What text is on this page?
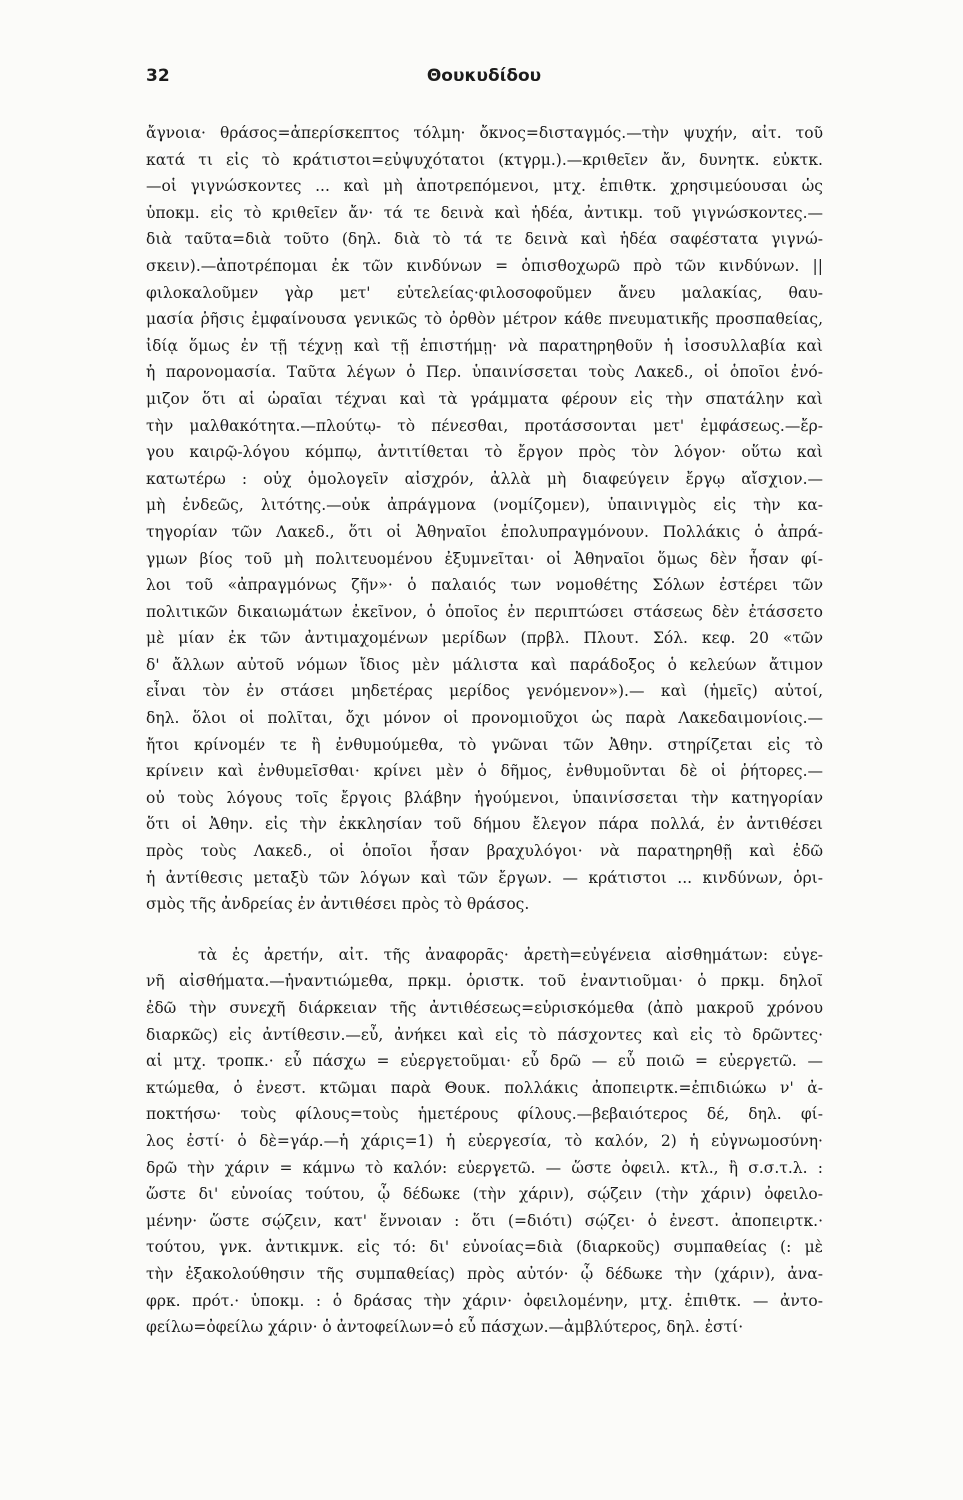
32	Θουκυδίδου
ἄγνοια· θράσος=ἀπερίσκεπτος τόλμη· ὄκνος=δισταγμός.—τὴν ψυχήν, αἰτ. τοῦ
κατά τι εἰς τὸ κράτιστοι=εὐψυχότατοι (κτγρμ.).—κριθεῖεν ἄν, δυνητκ. εὐκτκ.
—οἱ γιγνώσκοντες ... καὶ μὴ ἀποτρεπόμενοι, μτχ. ἐπιθτκ. χρησιμεύουσαι ὡς
ὑποκμ. εἰς τὸ κριθεῖεν ἄν· τά τε δεινὰ καὶ ἡδέα, ἀντικμ. τοῦ γιγνώσκοντες.—
διὰ ταῦτα=διὰ τοῦτο (δηλ. διὰ τὸ τά τε δεινὰ καὶ ἡδέα σαφέστατα γιγνώ-
σκειν).—ἀποτρέπομαι ἐκ τῶν κινδύνων = ὀπισθοχωρῶ πρὸ τῶν κινδύνων. ||
φιλοκαλοῦμεν γὰρ μετ' εὐτελείας·φιλοσοφοῦμεν ἄνευ μαλακίας, θαυ-
μασία ῥῆσις ἐμφαίνουσα γενικῶς τὸ ὀρθὸν μέτρον κάθε πνευματικῆς προσπαθείας,
ἰδίᾳ ὅμως ἐν τῇ τέχνῃ καὶ τῇ ἐπιστήμῃ· νὰ παρατηρηθοῦν ἡ ἰσοσυλλαβία καὶ
ἡ παρονομασία. Ταῦτα λέγων ὁ Περ. ὑπαινίσσεται τοὺς Λακεδ., οἱ ὁποῖοι ἐνό-
μιζον ὅτι αἱ ὡραῖαι τέχναι καὶ τὰ γράμματα φέρουν εἰς τὴν σπατάλην καὶ
τὴν μαλθακότητα.—πλούτῳ- τὸ πένεσθαι, προτάσσονται μετ' ἐμφάσεως.—ἔρ-
γου καιρῷ-λόγου κόμπῳ, ἀντιτίθεται τὸ ἔργον πρὸς τὸν λόγον· οὕτω καὶ
κατωτέρω : οὐχ ὁμολογεῖν αἰσχρόν, ἀλλὰ μὴ διαφεύγειν ἔργῳ αἴσχιον.—
μὴ ἐνδεῶς, λιτότης.—οὐκ ἀπράγμονα (νομίζομεν), ὑπαινιγμὸς εἰς τὴν κα-
τηγορίαν τῶν Λακεδ., ὅτι οἱ Ἀθηναῖοι ἐπολυπραγμόνουν. Πολλάκις ὁ ἀπρά-
γμων βίος τοῦ μὴ πολιτευομένου ἐξυμνεῖται· οἱ Ἀθηναῖοι ὅμως δὲν ἦσαν φί-
λοι τοῦ «ἀπραγμόνως ζῆν»· ὁ παλαιός των νομοθέτης Σόλων ἐστέρει τῶν
πολιτικῶν δικαιωμάτων ἐκεῖνον, ὁ ὁποῖος ἐν περιπτώσει στάσεως δὲν ἐτάσσετο
μὲ μίαν ἐκ τῶν ἀντιμαχομένων μερίδων (πρβλ. Πλουτ. Σόλ. κεφ. 20 «τῶν
δ' ἄλλων αὐτοῦ νόμων ἴδιος μὲν μάλιστα καὶ παράδοξος ὁ κελεύων ἄτιμον
εἶναι τὸν ἐν στάσει μηδετέρας μερίδος γενόμενον»).— καὶ (ἡμεῖς) αὐτοί,
δηλ. ὅλοι οἱ πολῖται, ὄχι μόνον οἱ προνομιοῦχοι ὡς παρὰ Λακεδαιμονίοις.—
ἤτοι κρίνομέν τε ἢ ἐνθυμούμεθα, τὸ γνῶναι τῶν Ἀθην. στηρίζεται εἰς τὸ
κρίνειν καὶ ἐνθυμεῖσθαι· κρίνει μὲν ὁ δῆμος, ἐνθυμοῦνται δὲ οἱ ῥήτορες.—
οὐ τοὺς λόγους τοῖς ἔργοις βλάβην ἡγούμενοι, ὑπαινίσσεται τὴν κατηγορίαν
ὅτι οἱ Ἀθην. εἰς τὴν ἐκκλησίαν τοῦ δήμου ἔλεγον πάρα πολλά, ἐν ἀντιθέσει
πρὸς τοὺς Λακεδ., οἱ ὁποῖοι ἦσαν βραχυλόγοι· νὰ παρατηρηθῇ καὶ ἐδῶ
ἡ ἀντίθεσις μεταξὺ τῶν λόγων καὶ τῶν ἔργων. — κράτιστοι ... κινδύνων, ὁρι-
σμὸς τῆς ἀνδρείας ἐν ἀντιθέσει πρὸς τὸ θράσος.
τὰ ἐς ἀρετήν, αἰτ. τῆς ἀναφορᾶς· ἀρετὴ=εὐγένεια αἰσθημάτων: εὐγε-
νῆ αἰσθήματα.—ἠναντιώμεθα, πρκμ. ὁριστκ. τοῦ ἐναντιοῦμαι· ὁ πρκμ. δηλοῖ
ἐδῶ τὴν συνεχῆ διάρκειαν τῆς ἀντιθέσεως=εὑρισκόμεθα (ἀπὸ μακροῦ χρόνου
διαρκῶς) εἰς ἀντίθεσιν.—εὖ, ἀνήκει καὶ εἰς τὸ πάσχοντες καὶ εἰς τὸ δρῶντες·
αἱ μτχ. τροπκ.· εὖ πάσχω = εὐεργετοῦμαι· εὖ δρῶ — εὖ ποιῶ = εὐεργετῶ. —
κτώμεθα, ὁ ἐνεστ. κτῶμαι παρὰ Θουκ. πολλάκις ἀποπειρτκ.=ἐπιδιώκω ν' ἀ-
ποκτήσω· τοὺς φίλους=τοὺς ἡμετέρους φίλους.—βεβαιότερος δέ, δηλ. φί-
λος ἐστί· ὁ δὲ=γάρ.—ἡ χάρις=1) ἡ εὐεργεσία, τὸ καλόν, 2) ἡ εὐγνωμοσύνη·
δρῶ τὴν χάριν = κάμνω τὸ καλόν: εὐεργετῶ. — ὥστε ὀφειλ. κτλ., ἢ σ.σ.τ.λ. :
ὥστε δι' εὐνοίας τούτου, ᾧ δέδωκε (τὴν χάριν), σῴζειν (τὴν χάριν) ὀφειλο-
μένην· ὥστε σῴζειν, κατ' ἔννοιαν : ὅτι (=διότι) σῴζει· ὁ ἐνεστ. ἀποπειρτκ.·
τούτου, γνκ. ἀντικμνκ. εἰς τό: δι' εὐνοίας=διὰ (διαρκοῦς) συμπαθείας (: μὲ
τὴν ἐξακολούθησιν τῆς συμπαθείας) πρὸς αὐτόν· ᾧ δέδωκε τὴν (χάριν), ἀνα-
φρκ. πρότ.· ὑποκμ. : ὁ δράσας τὴν χάριν· ὀφειλομένην, μτχ. ἐπιθτκ. — ἀντο-
φείλω=ὀφείλω χάριν· ὁ ἀντοφείλων=ὁ εὖ πάσχων.—ἀμβλύτερος, δηλ. ἐστί·
